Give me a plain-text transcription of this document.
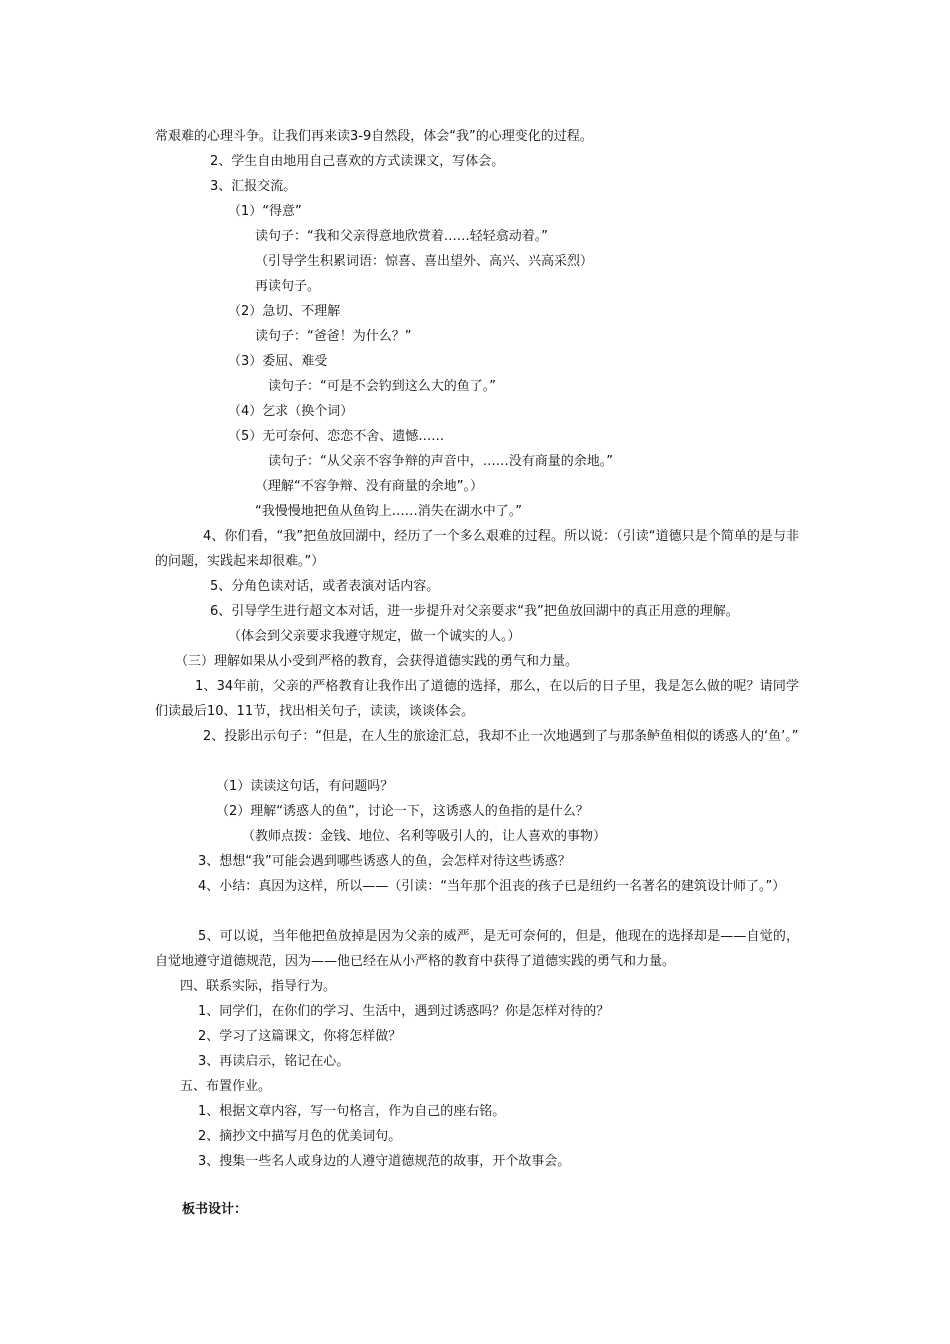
常艰难的心理斗争。让我们再来读3-9自然段，体会“我”的心理变化的过程。
2、学生自由地用自己喜欢的方式读课文，写体会。
3、汇报交流。
（1）“得意”
读句子：“我和父亲得意地欣赏着……轻轻翕动着。”
（引导学生积累词语：惊喜、喜出望外、高兴、兴高采烈）
再读句子。
（2）急切、不理解
读句子：“爸爸！为什么？”
（3）委屈、难受
读句子：“可是不会钓到这么大的鱼了。”
（4）乞求（换个词）
（5）无可奈何、恋恋不舍、遗憾……
读句子：“从父亲不容争辩的声音中，……没有商量的余地。”
（理解“不容争辩、没有商量的余地”。）
“我慢慢地把鱼从鱼钩上……消失在湖水中了。”
4、你们看，“我”把鱼放回湖中，经历了一个多么艰难的过程。所以说：（引读“道德只是个简单的是与非的问题，实践起来却很难。”）
5、分角色读对话，或者表演对话内容。
6、引导学生进行超文本对话，进一步提升对父亲要求“我”把鱼放回湖中的真正用意的理解。
（体会到父亲要求我遵守规定，做一个诚实的人。）
（三）理解如果从小受到严格的教育，会获得道德实践的勇气和力量。
1、34年前，父亲的严格教育让我作出了道德的选择，那么，在以后的日子里，我是怎么做的呢？请同学们读最后10、11节，找出相关句子，读读，谈谈体会。
2、投影出示句子：“但是，在人生的旅途汇总，我却不止一次地遇到了与那条鲈鱼相似的诱惑人的‘鱼’。”
（1）读读这句话，有问题吗？
（2）理解“诱惑人的鱼”，讨论一下，这诱惑人的鱼指的是什么？
（教师点拨：金钱、地位、名利等吸引人的，让人喜欢的事物）
3、想想“我”可能会遇到哪些诱惑人的鱼，会怎样对待这些诱惑？
4、小结：真因为这样，所以——（引读：“当年那个沮丧的孩子已是纽约一名著名的建筑设计师了。”）
5、可以说，当年他把鱼放掉是因为父亲的威严，是无可奈何的，但是，他现在的选择却是——自觉的，自觉地遵守道德规范，因为——他已经在从小严格的教育中获得了道德实践的勇气和力量。
四、联系实际，指导行为。
1、同学们，在你们的学习、生活中，遇到过诱惑吗？你是怎样对待的？
2、学习了这篇课文，你将怎样做？
3、再读启示，铭记在心。
五、布置作业。
1、根据文章内容，写一句格言，作为自己的座右铭。
2、摘抄文中描写月色的优美词句。
3、搜集一些名人或身边的人遵守道德规范的故事，开个故事会。
板书设计：
